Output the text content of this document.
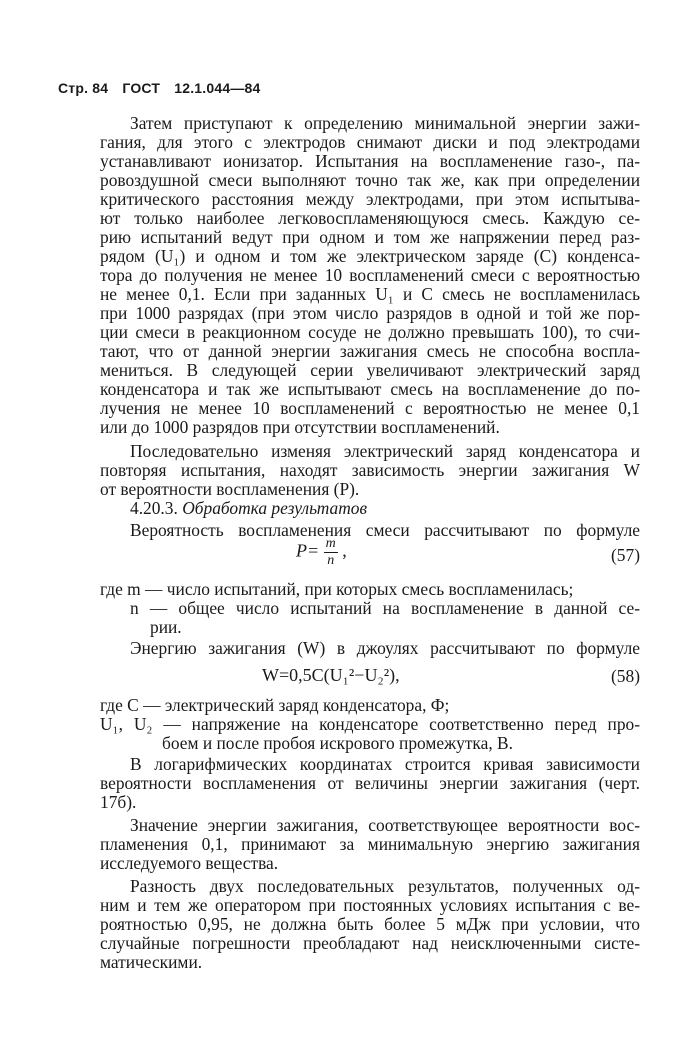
Стр. 84 ГОСТ 12.1.044—84
Затем приступают к определению минимальной энергии зажи-
гания, для этого с электродов снимают диски и под электродами
устанавливают ионизатор. Испытания на воспламенение газо-, па-
ровоздушной смеси выполняют точно так же, как при определении
критического расстояния между электродами, при этом испытыва-
ют только наиболее легковоспламеняющуюся смесь. Каждую се-
рию испытаний ведут при одном и том же напряжении перед раз-
рядом (U₁) и одном и том же электрическом заряде (C) конденса-
тора до получения не менее 10 воспламенений смеси с вероятностью
не менее 0,1. Если при заданных U₁ и C смесь не воспламенилась
при 1000 разрядах (при этом число разрядов в одной и той же пор-
ции смеси в реакционном сосуде не должно превышать 100), то счи-
тают, что от данной энергии зажигания смесь не способна воспла-
мениться. В следующей серии увеличивают электрический заряд
конденсатора и так же испытывают смесь на воспламенение до по-
лучения не менее 10 воспламенений с вероятностью не менее 0,1
или до 1000 разрядов при отсутствии воспламенений.
Последовательно изменяя электрический заряд конденсатора и
повторяя испытания, находят зависимость энергии зажигания W
от вероятности воспламенения (P).
4.20.3. Обработка результатов
Вероятность воспламенения смеси рассчитывают по формуле
$P= \frac{m}{n}$ ,	(57)
где m — число испытаний, при которых смесь воспламенилась;
n — общее число испытаний на воспламенение в данной се-
рии.
Энергию зажигания (W) в джоулях рассчитывают по формуле
W=0,5C(U₁²−U₂²),	(58)
где C — электрический заряд конденсатора, Ф;
U₁, U₂ — напряжение на конденсаторе соответственно перед про-
боем и после пробоя искрового промежутка, В.
В логарифмических координатах строится кривая зависимости
вероятности воспламенения от величины энергии зажигания (черт.
17б).
Значение энергии зажигания, соответствующее вероятности вос-
пламенения 0,1, принимают за минимальную энергию зажигания
исследуемого вещества.
Разность двух последовательных результатов, полученных од-
ним и тем же оператором при постоянных условиях испытания с ве-
роятностью 0,95, не должна быть более 5 мДж при условии, что
случайные погрешности преобладают над неисключенными систе-
матическими.
